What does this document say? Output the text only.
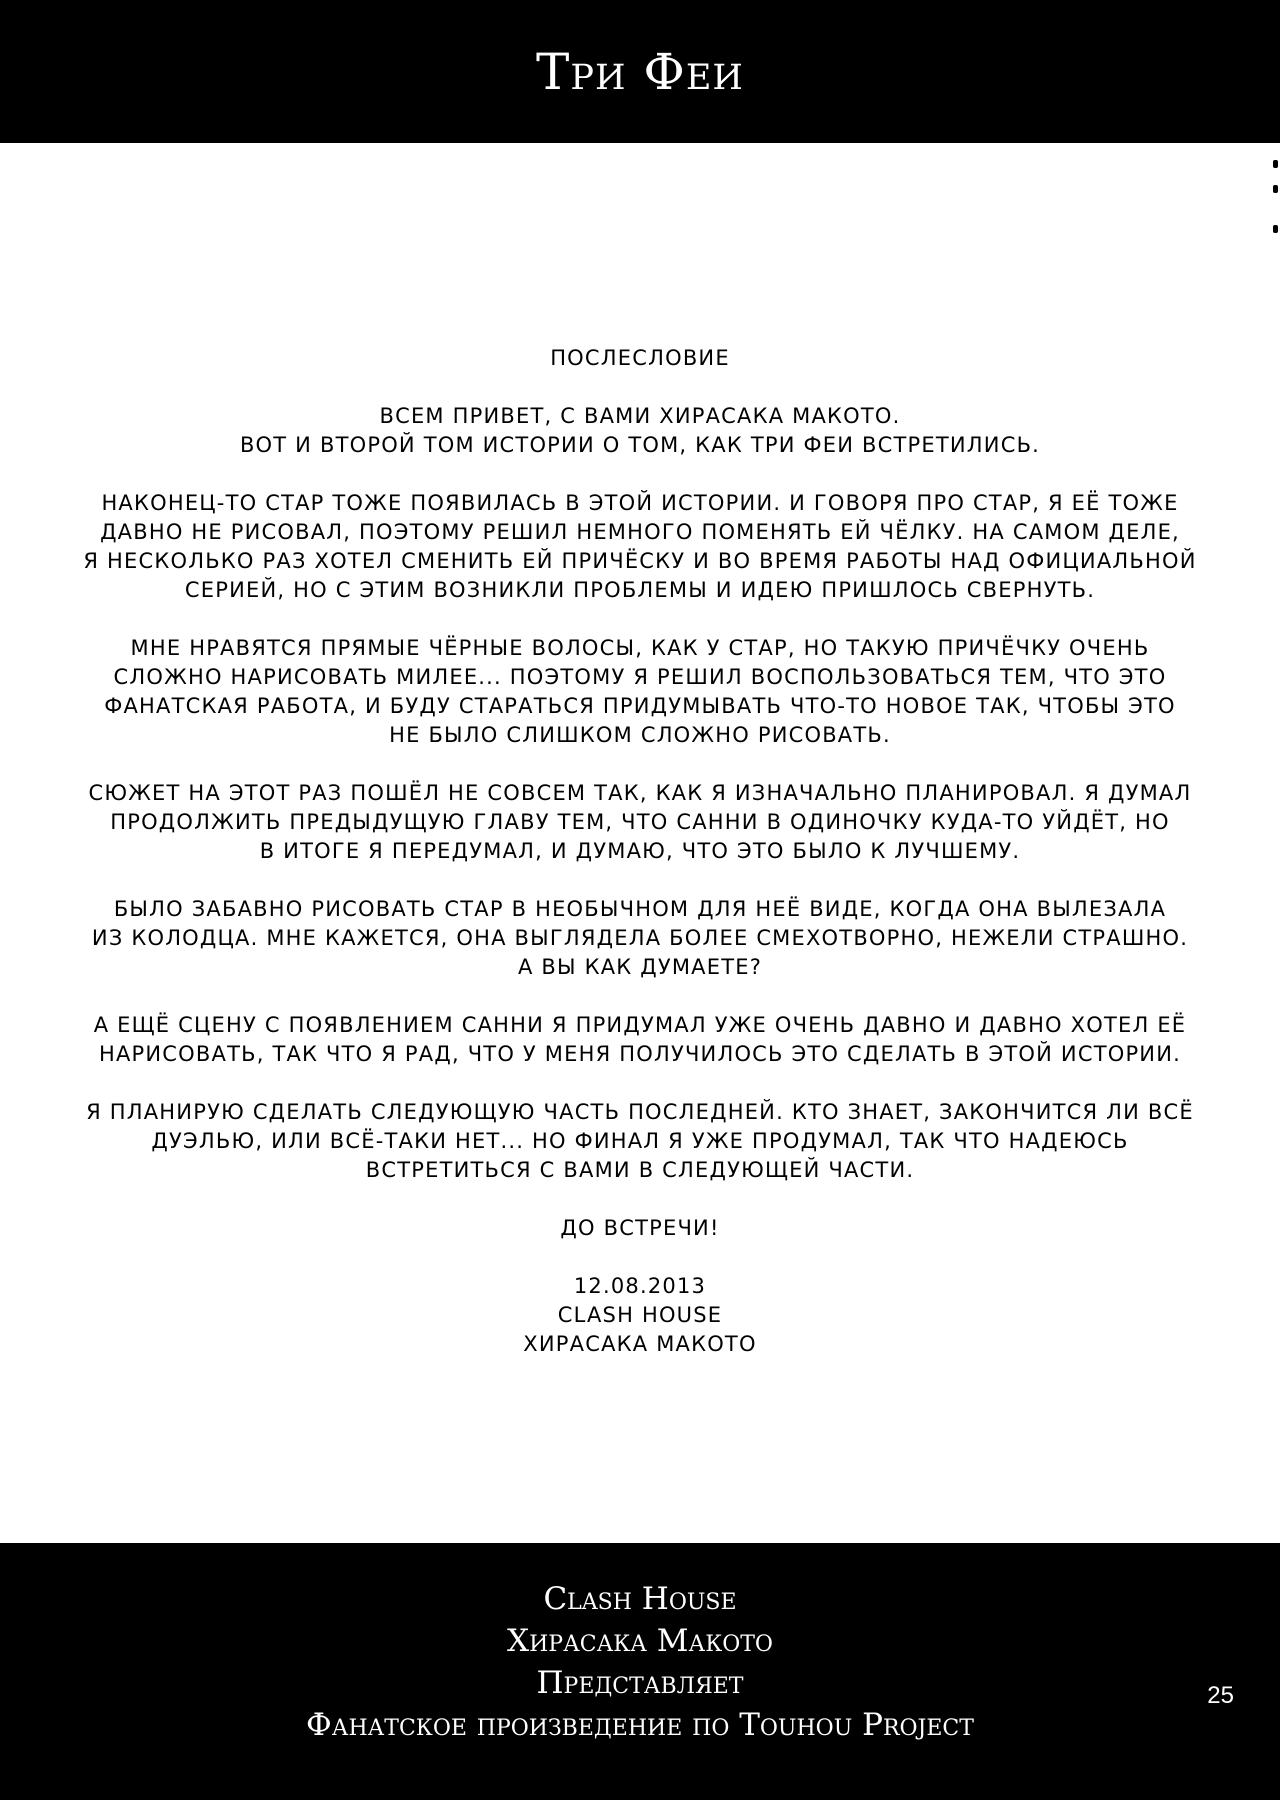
Три Феи

ПОСЛЕСЛОВИЕ

ВСЕМ ПРИВЕТ, С ВАМИ ХИРАСАКА МАКОТО.
ВОТ И ВТОРОЙ ТОМ ИСТОРИИ О ТОМ, КАК ТРИ ФЕИ ВСТРЕТИЛИСЬ.

НАКОНЕЦ-ТО СТАР ТОЖЕ ПОЯВИЛАСЬ В ЭТОЙ ИСТОРИИ. И ГОВОРЯ ПРО СТАР, Я ЕЁ ТОЖЕ
ДАВНО НЕ РИСОВАЛ, ПОЭТОМУ РЕШИЛ НЕМНОГО ПОМЕНЯТЬ ЕЙ ЧЁЛКУ. НА САМОМ ДЕЛЕ,
Я НЕСКОЛЬКО РАЗ ХОТЕЛ СМЕНИТЬ ЕЙ ПРИЧЁСКУ И ВО ВРЕМЯ РАБОТЫ НАД ОФИЦИАЛЬНОЙ
СЕРИЕЙ, НО С ЭТИМ ВОЗНИКЛИ ПРОБЛЕМЫ И ИДЕЮ ПРИШЛОСЬ СВЕРНУТЬ.

МНЕ НРАВЯТСЯ ПРЯМЫЕ ЧЁРНЫЕ ВОЛОСЫ, КАК У СТАР, НО ТАКУЮ ПРИЧЁЧКУ ОЧЕНЬ
СЛОЖНО НАРИСОВАТЬ МИЛЕЕ... ПОЭТОМУ Я РЕШИЛ ВОСПОЛЬЗОВАТЬСЯ ТЕМ, ЧТО ЭТО
ФАНАТСКАЯ РАБОТА, И БУДУ СТАРАТЬСЯ ПРИДУМЫВАТЬ ЧТО-ТО НОВОЕ ТАК, ЧТОБЫ ЭТО
НЕ БЫЛО СЛИШКОМ СЛОЖНО РИСОВАТЬ.

СЮЖЕТ НА ЭТОТ РАЗ ПОШЁЛ НЕ СОВСЕМ ТАК, КАК Я ИЗНАЧАЛЬНО ПЛАНИРОВАЛ. Я ДУМАЛ
ПРОДОЛЖИТЬ ПРЕДЫДУЩУЮ ГЛАВУ ТЕМ, ЧТО САННИ В ОДИНОЧКУ КУДА-ТО УЙДЁТ, НО
В ИТОГЕ Я ПЕРЕДУМАЛ, И ДУМАЮ, ЧТО ЭТО БЫЛО К ЛУЧШЕМУ.

БЫЛО ЗАБАВНО РИСОВАТЬ СТАР В НЕОБЫЧНОМ ДЛЯ НЕЁ ВИДЕ, КОГДА ОНА ВЫЛЕЗАЛА
ИЗ КОЛОДЦА. МНЕ КАЖЕТСЯ, ОНА ВЫГЛЯДЕЛА БОЛЕЕ СМЕХОТВОРНО, НЕЖЕЛИ СТРАШНО.
А ВЫ КАК ДУМАЕТЕ?

А ЕЩЁ СЦЕНУ С ПОЯВЛЕНИЕМ САННИ Я ПРИДУМАЛ УЖЕ ОЧЕНЬ ДАВНО И ДАВНО ХОТЕЛ ЕЁ
НАРИСОВАТЬ, ТАК ЧТО Я РАД, ЧТО У МЕНЯ ПОЛУЧИЛОСЬ ЭТО СДЕЛАТЬ В ЭТОЙ ИСТОРИИ.

Я ПЛАНИРУЮ СДЕЛАТЬ СЛЕДУЮЩУЮ ЧАСТЬ ПОСЛЕДНЕЙ. КТО ЗНАЕТ, ЗАКОНЧИТСЯ ЛИ ВСЁ
ДУЭЛЬЮ, ИЛИ ВСЁ-ТАКИ НЕТ... НО ФИНАЛ Я УЖЕ ПРОДУМАЛ, ТАК ЧТО НАДЕЮСЬ
ВСТРЕТИТЬСЯ С ВАМИ В СЛЕДУЮЩЕЙ ЧАСТИ.

ДО ВСТРЕЧИ!

12.08.2013
CLASH HOUSE
ХИРАСАКА МАКОТО

Clash House
Хирасака Макото
Представляет
Фанатское произведение по Touhou Project
25
